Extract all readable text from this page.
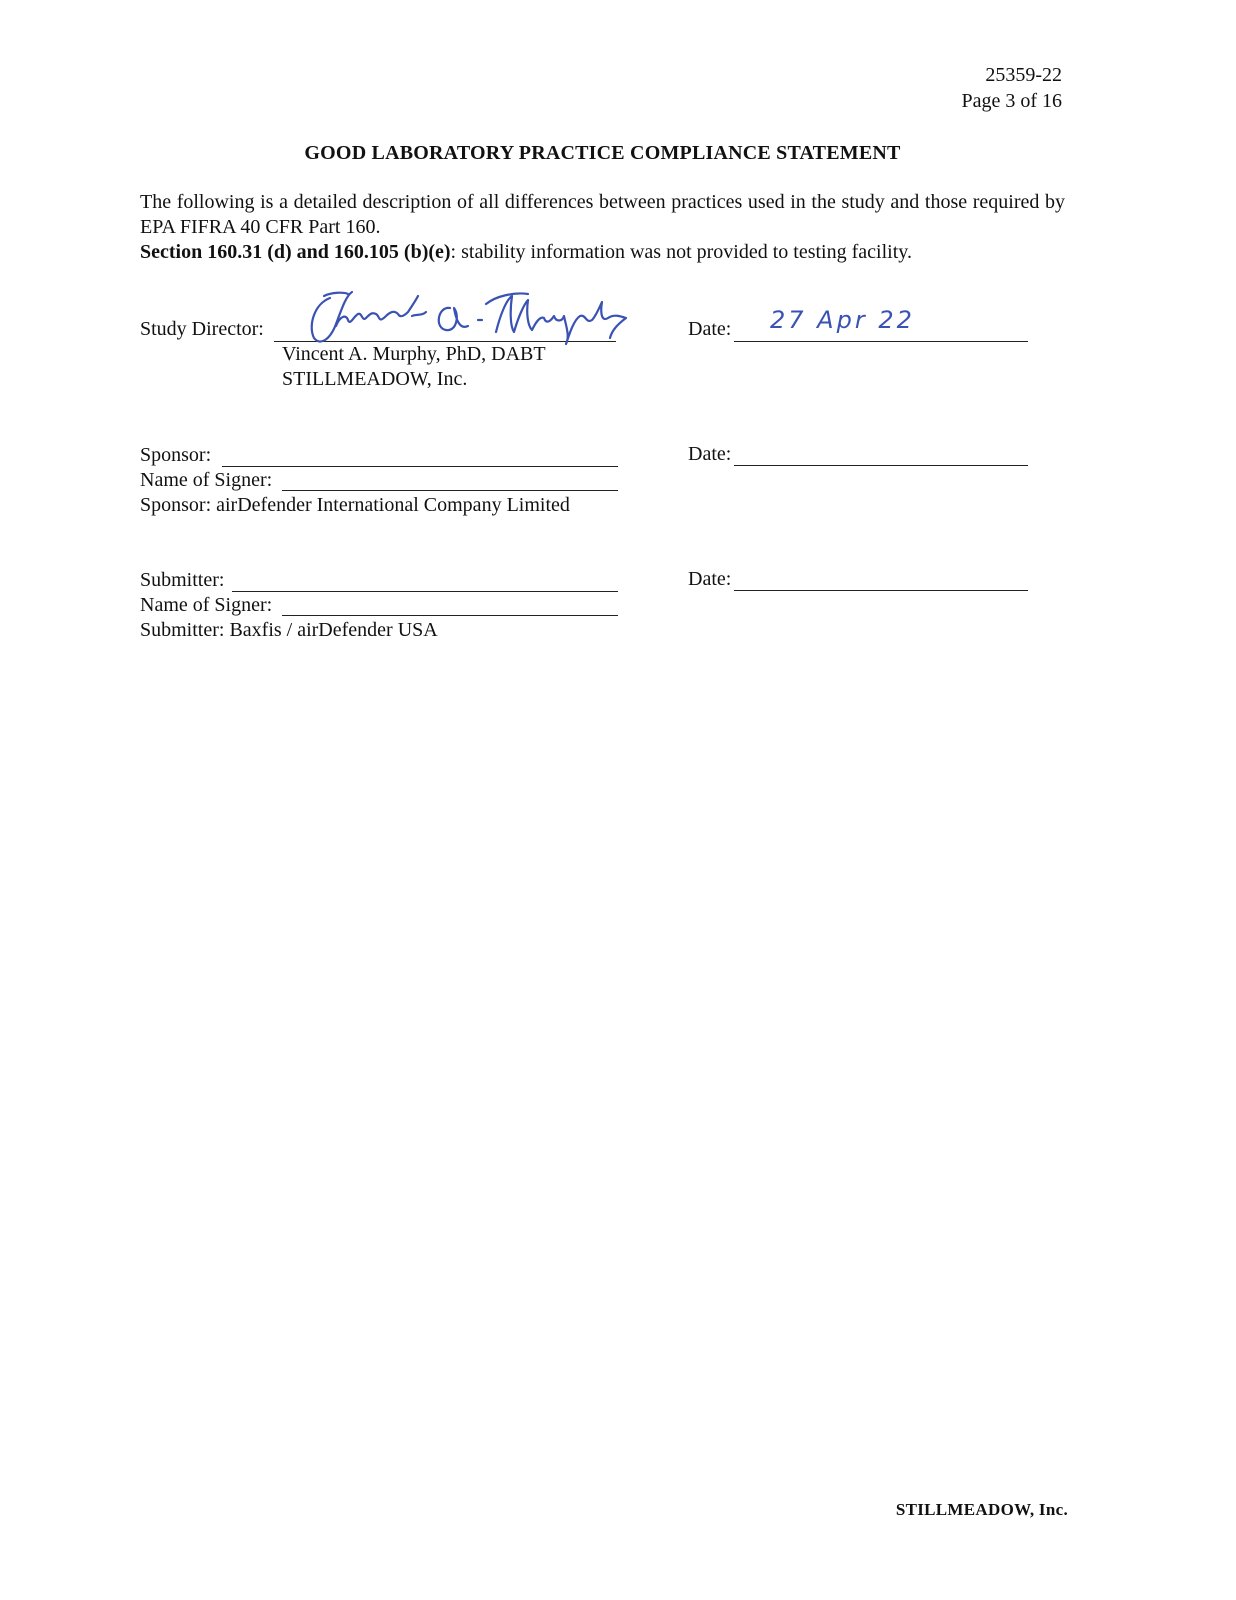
25359-22
Page 3 of 16
GOOD LABORATORY PRACTICE COMPLIANCE STATEMENT

The following is a detailed description of all differences between practices used in the study and those required by EPA FIFRA 40 CFR Part 160.

Section 160.31 (d) and 160.105 (b)(e): stability information was not provided to testing facility.

Study Director:
Vincent A. Murphy
Vincent A. Murphy, PhD, DABT
STILLMEADOW, Inc.
Date: 27 Apr 22
Sponsor:
Name of Signer:
Sponsor: airDefender International Company Limited
Date:
Submitter:
Name of Signer:
Submitter: Baxfis / airDefender USA
Date:
STILLMEADOW, Inc.
